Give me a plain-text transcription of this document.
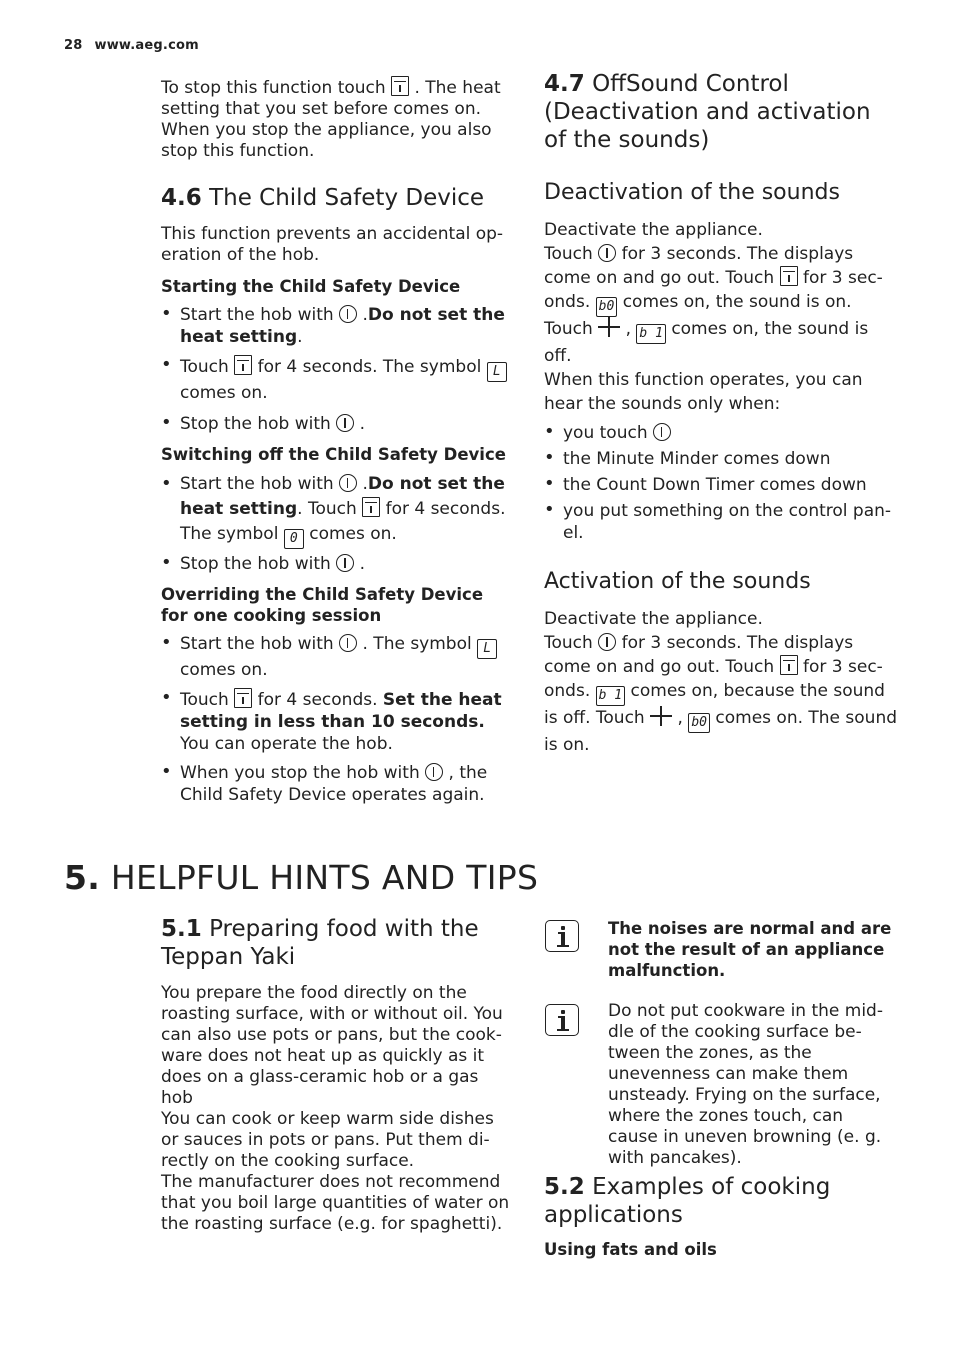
28 www.aeg.com

To stop this function touch . The heat setting that you set before comes on. When you stop the appliance, you also stop this function.

4.6 The Child Safety Device

This function prevents an accidental op-eration of the hob.

Starting the Child Safety Device

• Start the hob with .Do not set the heat setting.
• Touch for 4 seconds. The symbol L comes on.
• Stop the hob with .

Switching off the Child Safety Device

• Start the hob with .Do not set the heat setting. Touch for 4 seconds. The symbol 0 comes on.
• Stop the hob with .

Overriding the Child Safety Device for one cooking session

• Start the hob with . The symbol L comes on.
• Touch for 4 seconds. Set the heat setting in less than 10 seconds. You can operate the hob.
• When you stop the hob with , the Child Safety Device operates again.
4.7 OffSound Control (Deactivation and activation of the sounds)
Deactivation of the sounds

Deactivate the appliance.
Touch for 3 seconds. The displays come on and go out. Touch for 3 sec-onds. b0 comes on, the sound is on. Touch , b 1 comes on, the sound is off.
When this function operates, you can hear the sounds only when:

• you touch
• the Minute Minder comes down
• the Count Down Timer comes down
• you put something on the control pan-el.
Activation of the sounds

Deactivate the appliance.
Touch for 3 seconds. The displays come on and go out. Touch for 3 sec-onds. b 1 comes on, because the sound is off. Touch , b0 comes on. The sound is on.

5. HELPFUL HINTS AND TIPS
5.1 Preparing food with the Teppan Yaki

You prepare the food directly on the roasting surface, with or without oil. You can also use pots or pans, but the cook-ware does not heat up as quickly as it does on a glass-ceramic hob or a gas hob

You can cook or keep warm side dishes or sauces in pots or pans. Put them di-rectly on the cooking surface.

The manufacturer does not recommend that you boil large quantities of water on the roasting surface (e.g. for spaghetti).

The noises are normal and are not the result of an appliance malfunction.

Do not put cookware in the mid-dle of the cooking surface be-tween the zones, as the unevenness can make them unsteady. Frying on the surface, where the zones touch, can cause in uneven browning (e. g. with pancakes).

5.2 Examples of cooking applications

Using fats and oils
